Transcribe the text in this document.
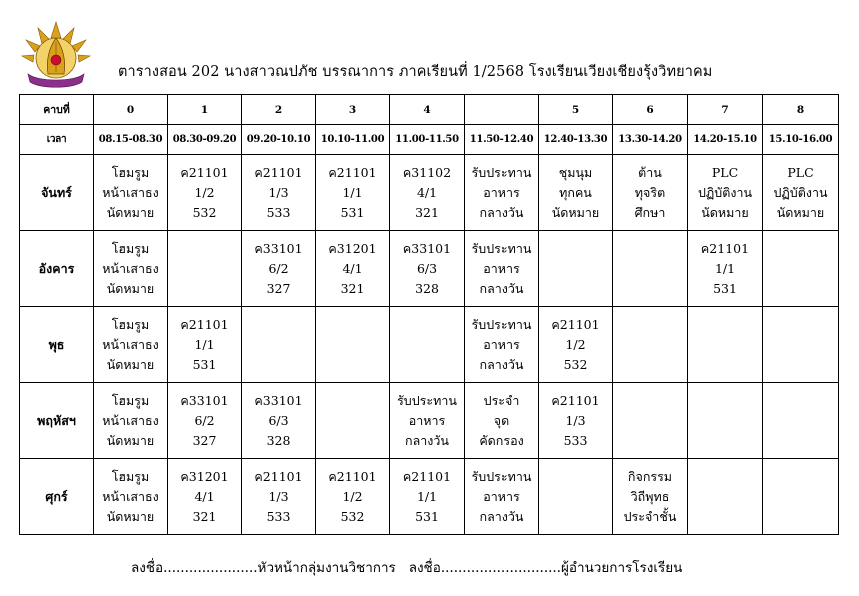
ตารางสอน 202 นางสาวณปภัช บรรณาการ ภาคเรียนที่ 1/2568 โรงเรียนเวียงเชียงรุ้งวิทยาคม
คาบที่	0	1	2	3	4		5	6	7	8
เวลา	08.15-08.30	08.30-09.20	09.20-10.10	10.10-11.00	11.00-11.50	11.50-12.40	12.40-13.30	13.30-14.20	14.20-15.10	15.10-16.00
จันทร์	โฮมรูม
หน้าเสาธง
นัดหมาย	ค21101
1/2
532	ค21101
1/3
533	ค21101
1/1
531	ค31102
4/1
321	รับประทาน
อาหาร
กลางวัน	ชุมนุม
ทุกคน
นัดหมาย	ต้าน
ทุจริต
ศึกษา	PLC
ปฏิบัติงาน
นัดหมาย	PLC
ปฏิบัติงาน
นัดหมาย

อังคาร	โฮมรูม
หน้าเสาธง
นัดหมาย		ค33101
6/2
327	ค31201
4/1
321	ค33101
6/3
328	รับประทาน
อาหาร
กลางวัน			ค21101
1/1
531	

พุธ	โฮมรูม
หน้าเสาธง
นัดหมาย	ค21101
1/1
531				รับประทาน
อาหาร
กลางวัน	ค21101
1/2
532			

พฤหัสฯ	โฮมรูม
หน้าเสาธง
นัดหมาย	ค33101
6/2
327	ค33101
6/3
328		รับประทาน
อาหาร
กลางวัน	ประจำ
จุด
คัดกรอง	ค21101
1/3
533			

ศุกร์	โฮมรูม
หน้าเสาธง
นัดหมาย	ค31201
4/1
321	ค21101
1/3
533	ค21101
1/2
532	ค21101
1/1
531	รับประทาน
อาหาร
กลางวัน		กิจกรรม
วิถีพุทธ
ประจำชั้น		

ลงชื่อ......................หัวหน้ากลุ่มงานวิชาการ ลงชื่อ............................ผู้อำนวยการโรงเรียน
